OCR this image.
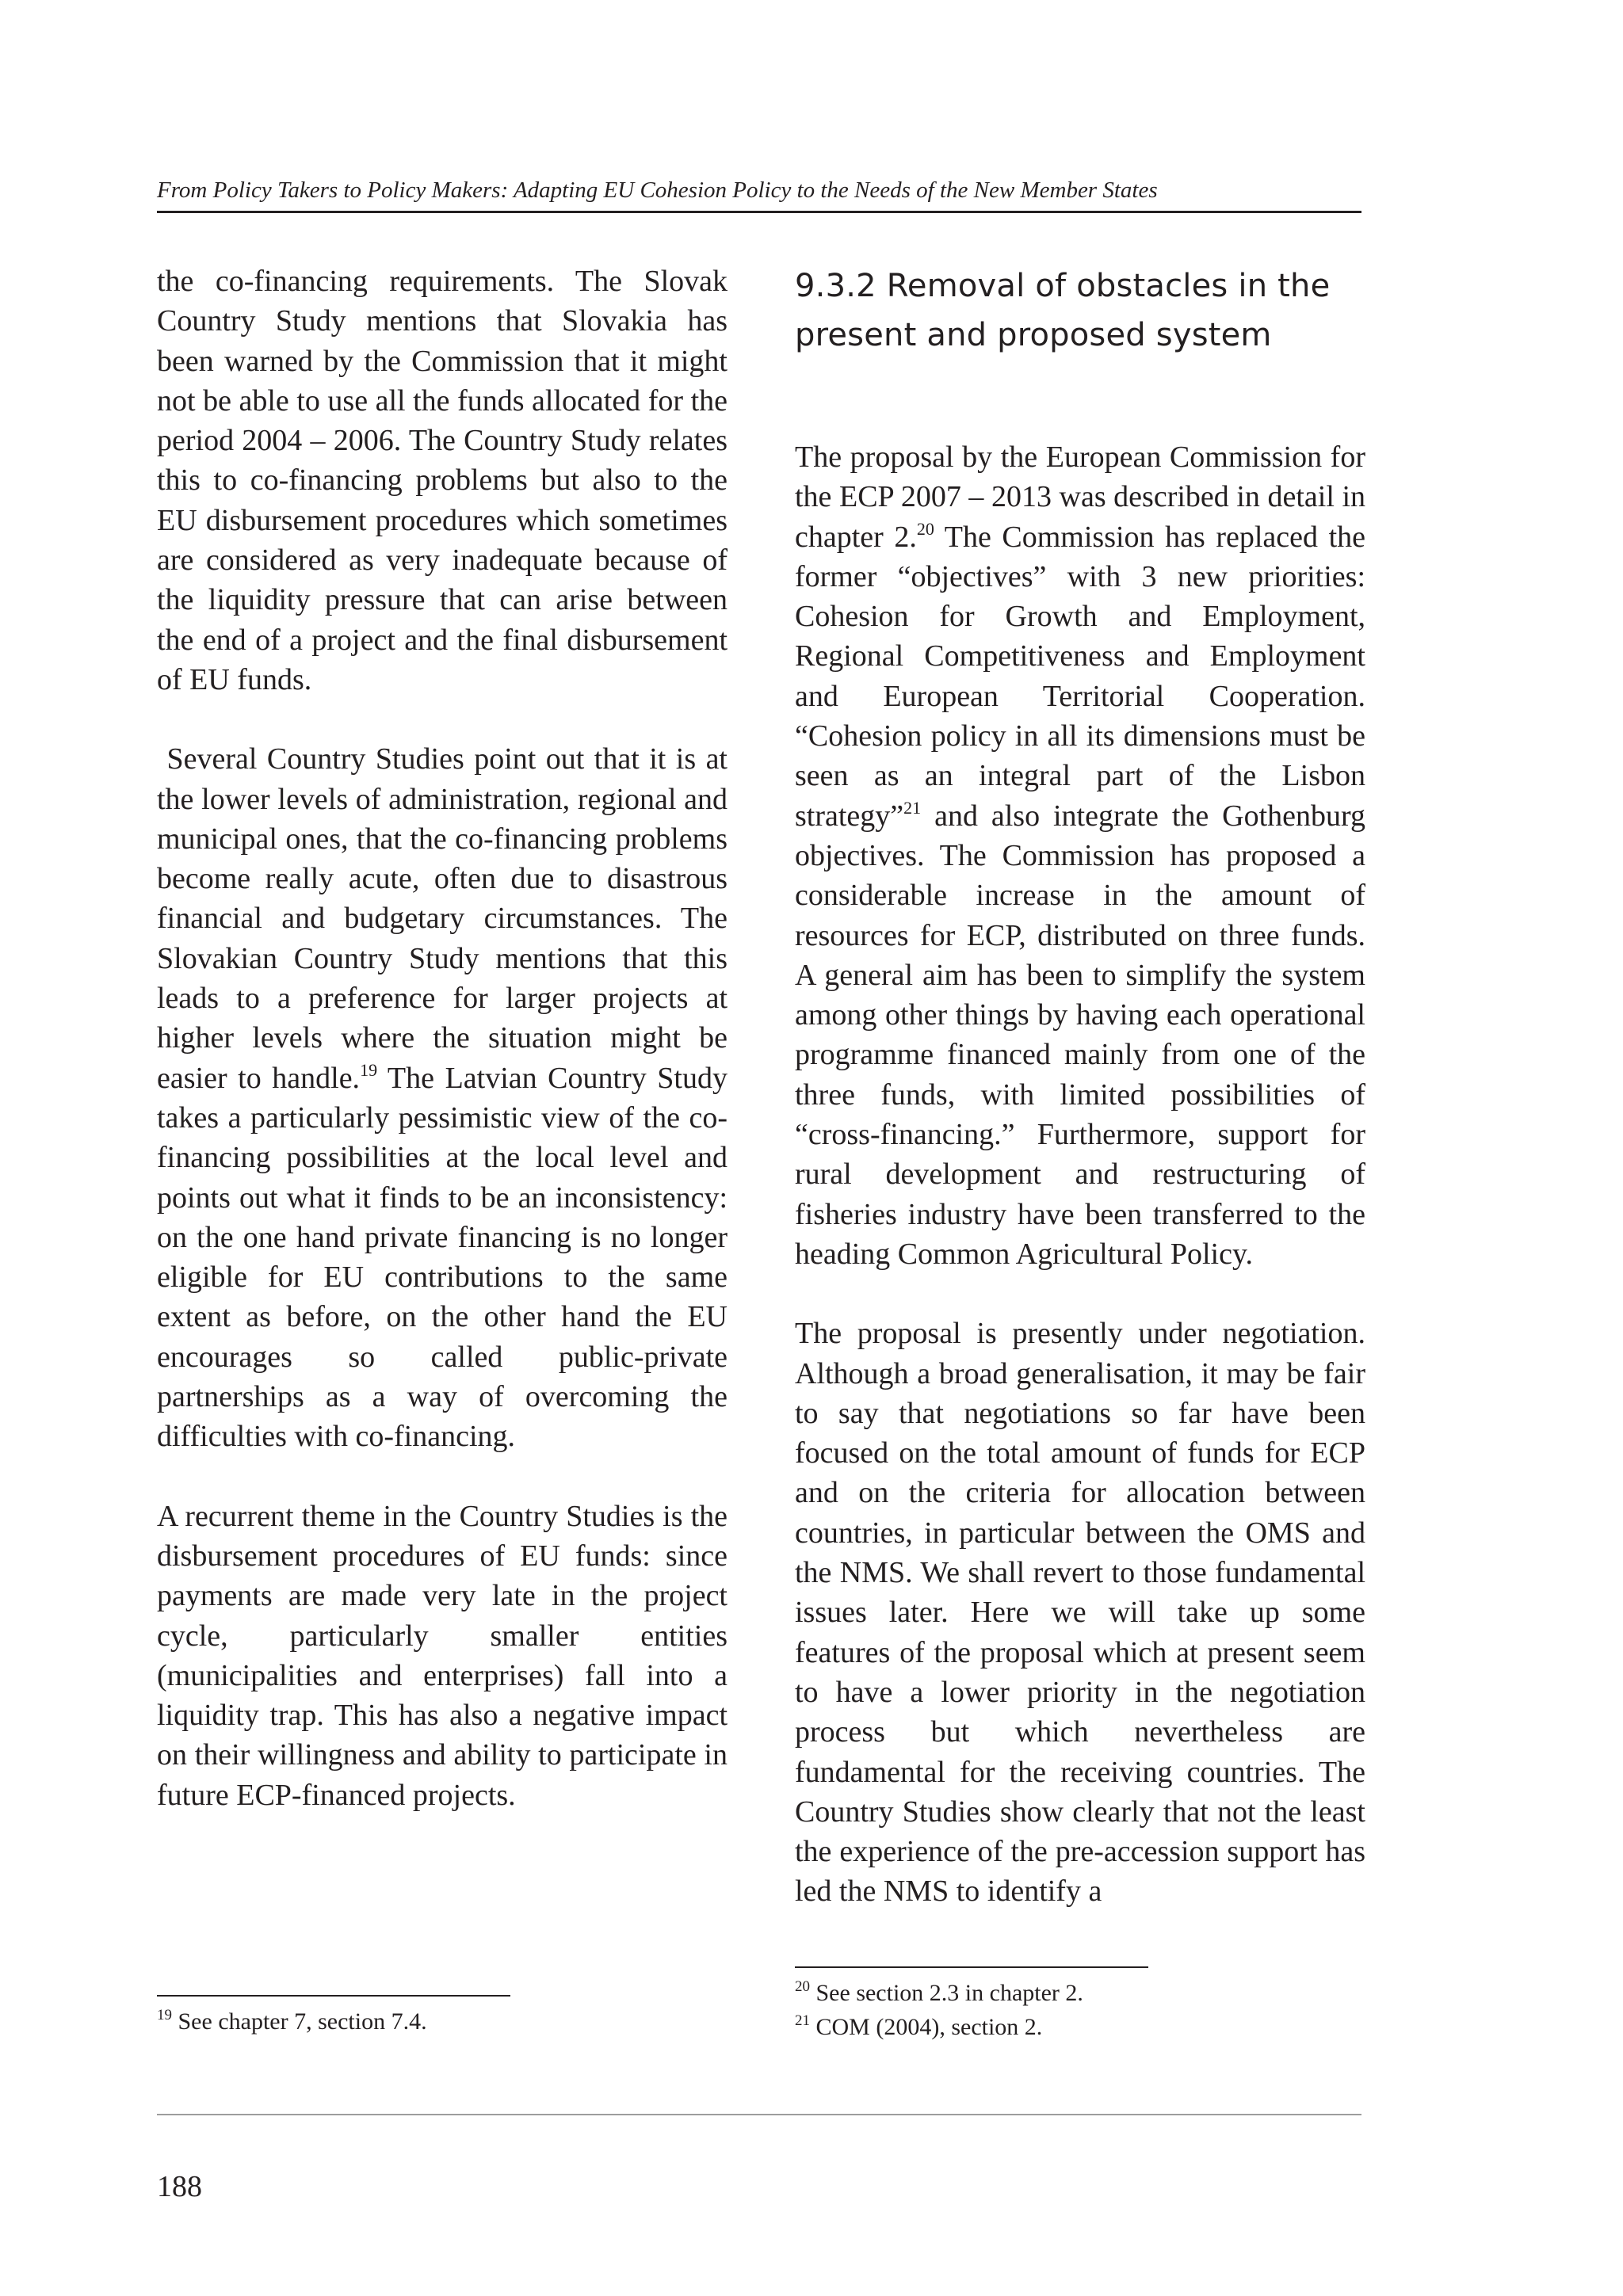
From Policy Takers to Policy Makers: Adapting EU Cohesion Policy to the Needs of the New Member States

the co-financing requirements. The Slovak Country Study mentions that Slovakia has been warned by the Commission that it might not be able to use all the funds allocated for the period 2004 – 2006. The Country Study relates this to co-financing problems but also to the EU disbursement procedures which sometimes are considered as very inadequate because of the liquidity pressure that can arise between the end of a project and the final disbursement of EU funds.

Several Country Studies point out that it is at the lower levels of administration, regional and municipal ones, that the co-financing problems become really acute, often due to disastrous financial and budgetary circumstances. The Slovakian Country Study mentions that this leads to a preference for larger projects at higher levels where the situation might be easier to handle.$^{19}$ The Latvian Country Study takes a particularly pessimistic view of the co-financing possibilities at the local level and points out what it finds to be an inconsistency: on the one hand private financing is no longer eligible for EU contributions to the same extent as before, on the other hand the EU encourages so called public-private partnerships as a way of overcoming the difficulties with co-financing.

A recurrent theme in the Country Studies is the disbursement procedures of EU funds: since payments are made very late in the project cycle, particularly smaller entities (municipalities and enterprises) fall into a liquidity trap. This has also a negative impact on their willingness and ability to participate in future ECP-financed projects.

9.3.2 Removal of obstacles in the present and proposed system

The proposal by the European Commission for the ECP 2007 – 2013 was described in detail in chapter 2.20 The Commission has replaced the former “objectives” with 3 new priorities: Cohesion for Growth and Employment, Regional Competitiveness and Employment and European Territorial Cooperation. “Cohesion policy in all its dimensions must be seen as an integral part of the Lisbon strategy”$^{21}$ and also integrate the Gothenburg objectives. The Commission has proposed a considerable increase in the amount of resources for ECP, distributed on three funds. A general aim has been to simplify the system among other things by having each operational programme financed mainly from one of the three funds, with limited possibilities of “cross-financing.” Furthermore, support for rural development and restructuring of fisheries industry have been transferred to the heading Common Agricultural Policy.

The proposal is presently under negotiation. Although a broad generalisation, it may be fair to say that negotiations so far have been focused on the total amount of funds for ECP and on the criteria for allocation between countries, in particular between the OMS and the NMS. We shall revert to those fundamental issues later. Here we will take up some features of the proposal which at present seem to have a lower priority in the negotiation process but which nevertheless are fundamental for the receiving countries. The Country Studies show clearly that not the least the experience of the pre-accession support has led the NMS to identify a

$^{19}$ See chapter 7, section 7.4.

$^{20}$ See section 2.3 in chapter 2.

$^{21}$ COM (2004), section 2.

188
